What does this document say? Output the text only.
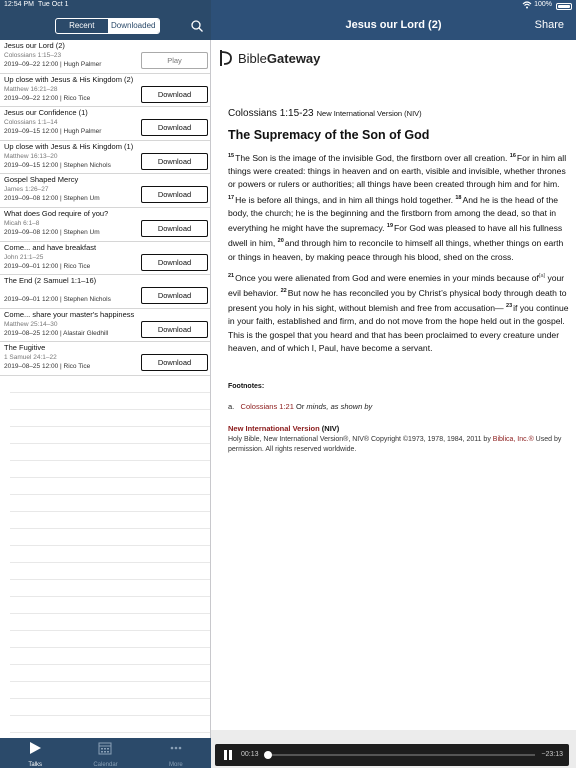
12:54 PM Tue Oct 1	100%
Recent	Downloaded	Jesus our Lord (2)	Share
Jesus our Lord (2)
Colossians 1:15–23
2019–09–22 12:00 | Hugh Palmer	Play
Up close with Jesus & His Kingdom (2)
Matthew 16:21–28
2019–09–22 12:00 | Rico Tice	Download
Jesus our Confidence (1)
Colossians 1:1–14
2019–09–15 12:00 | Hugh Palmer	Download
Up close with Jesus & His Kingdom (1)
Matthew 16:13–20
2019–09–15 12:00 | Stephen Nichols	Download
Gospel Shaped Mercy
James 1:26–27
2019–09–08 12:00 | Stephen Um	Download
What does God require of you?
Micah 6:1–8
2019–09–08 12:00 | Stephen Um	Download
Come... and have breakfast
John 21:1–25
2019–09–01 12:00 | Rico Tice	Download
The End (2 Samuel 1:1–16)
2019–09–01 12:00 | Stephen Nichols	Download
Come... share your master's happiness
Matthew 25:14–30
2019–08–25 12:00 | Alastair Gledhill	Download
The Fugitive
1 Samuel 24:1–22
2019–08–25 12:00 | Rico Tice	Download
Talks	Calendar	More
BibleGateway
Colossians 1:15-23 New International Version (NIV)
The Supremacy of the Son of God

$^{15}$The Son is the image of the invisible God, the firstborn over all creation. $^{16}$For in him all things were created: things in heaven and on earth, visible and invisible, whether thrones or powers or rulers or authorities; all things have been created through him and for him. $^{17}$He is before all things, and in him all things hold together. $^{18}$And he is the head of the body, the church; he is the beginning and the firstborn from among the dead, so that in everything he might have the supremacy. $^{19}$For God was pleased to have all his fullness dwell in him, $^{20}$and through him to reconcile to himself all things, whether things on earth or things in heaven, by making peace through his blood, shed on the cross.

$^{21}$Once you were alienated from God and were enemies in your minds because of[a] your evil behavior. $^{22}$But now he has reconciled you by Christ’s physical body through death to present you holy in his sight, without blemish and free from accusation— $^{23}$if you continue in your faith, established and firm, and do not move from the hope held out in the gospel. This is the gospel that you heard and that has been proclaimed to every creature under heaven, and of which I, Paul, have become a servant.

Footnotes:
a. Colossians 1:21 Or minds, as shown by
New International Version (NIV)
Holy Bible, New International Version®, NIV® Copyright ©1973, 1978, 1984, 2011 by Biblica, Inc.® Used by permission. All rights reserved worldwide.
00:13	−23:13
